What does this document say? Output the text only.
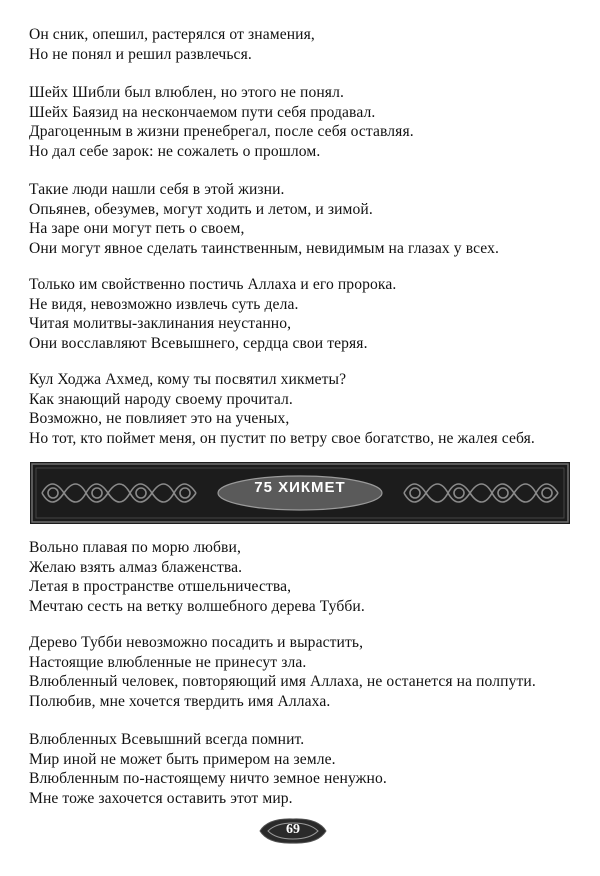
Он сник, опешил, растерялся от знамения,
Но не понял и решил развлечься.
Шейх Шибли был влюблен, но этого не понял.
Шейх Баязид на нескончаемом пути себя продавал.
Драгоценным в жизни пренебрегал, после себя оставляя.
Но дал себе зарок: не сожалеть о прошлом.
Такие люди нашли себя в этой жизни.
Опьянев, обезумев, могут ходить и летом, и зимой.
На заре они могут петь о своем,
Они могут явное сделать таинственным, невидимым на глазах у всех.
Только им свойственно постичь Аллаха и его пророка.
Не видя, невозможно извлечь суть дела.
Читая молитвы-заклинания неустанно,
Они восславляют Всевышнего, сердца свои теряя.
Кул Ходжа Ахмед, кому ты посвятил хикметы?
Как знающий народу своему прочитал.
Возможно, не повлияет это на ученых,
Но тот, кто поймет меня, он пустит по ветру свое богатство, не жалея себя.
75 ХИКМЕТ
Вольно плавая по морю любви,
Желаю взять алмаз блаженства.
Летая в пространстве отшельничества,
Мечтаю сесть на ветку волшебного дерева Тубби.
Дерево Тубби невозможно посадить и вырастить,
Настоящие влюбленные не принесут зла.
Влюбленный человек, повторяющий имя Аллаха, не останется на полпути.
Полюбив, мне хочется твердить имя Аллаха.
Влюбленных Всевышний всегда помнит.
Мир иной не может быть примером на земле.
Влюбленным по-настоящему ничто земное ненужно.
Мне тоже захочется оставить этот мир.
69
